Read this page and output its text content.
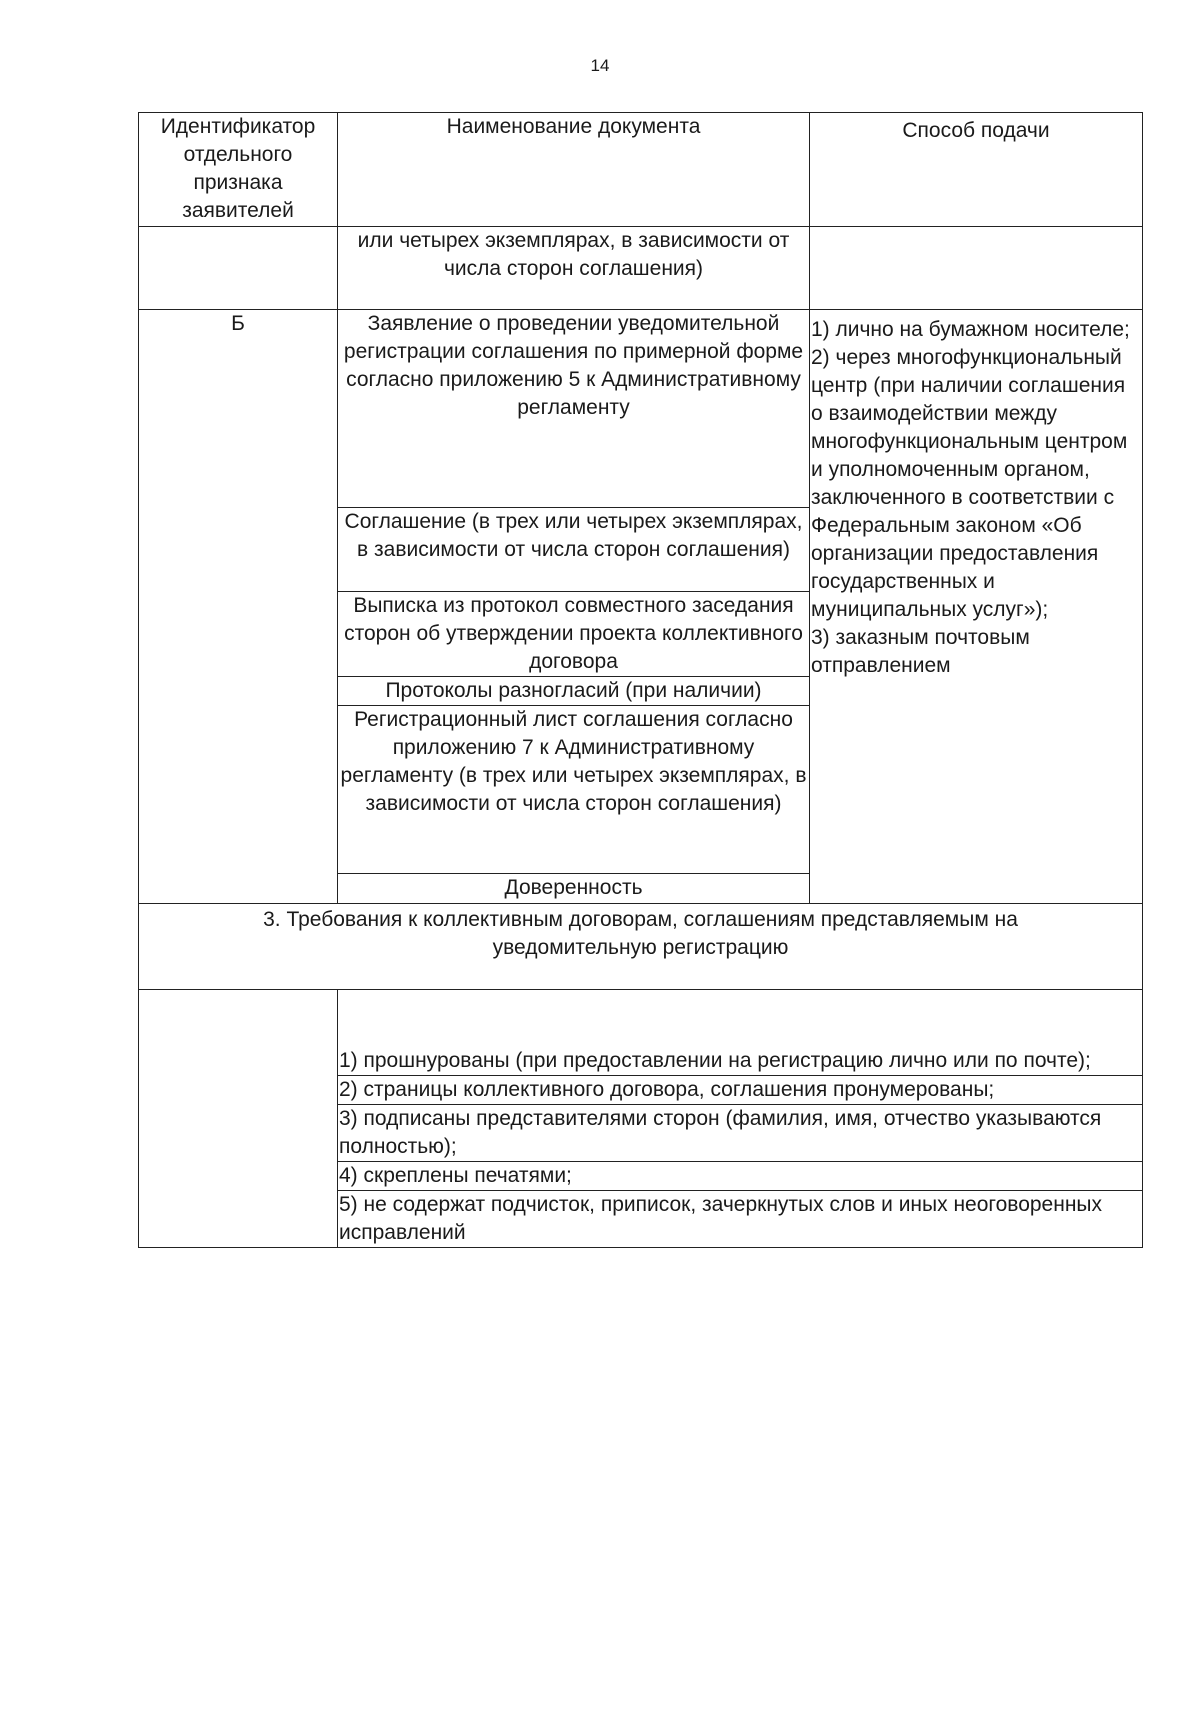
14
Идентификатор отдельного признака заявителей	Наименование документа	Способ подачи
	или четырех экземплярах, в зависимости от числа сторон соглашения)	
Б	Заявление о проведении уведомительной регистрации соглашения по примерной форме согласно приложению 5 к Административному регламенту	1) лично на бумажном носителе;
2) через многофункциональный центр (при наличии соглашения о взаимодействии между многофункциональным центром и уполномоченным органом, заключенного в соответствии с Федеральным законом «Об организации предоставления государственных и муниципальных услуг»);
3) заказным почтовым отправлением

	Соглашение (в трех или четырех экземплярах, в зависимости от числа сторон соглашения)	
	Выписка из протокол совместного заседания сторон об утверждении проекта коллективного договора	
	Протоколы разногласий (при наличии)	
	Регистрационный лист соглашения согласно приложению 7 к Административному регламенту (в трех или четырех экземплярах, в зависимости от числа сторон соглашения)	
	Доверенность	
3. Требования к коллективным договорам, соглашениям представляемым на уведомительную регистрацию		
	1) прошнурованы (при предоставлении на регистрацию лично или по почте);	
	2) страницы коллективного договора, соглашения пронумерованы;	
	3) подписаны представителями сторон (фамилия, имя, отчество указываются полностью);	
	4) скреплены печатями;	
	5) не содержат подчисток, приписок, зачеркнутых слов и иных неоговоренных исправлений	
